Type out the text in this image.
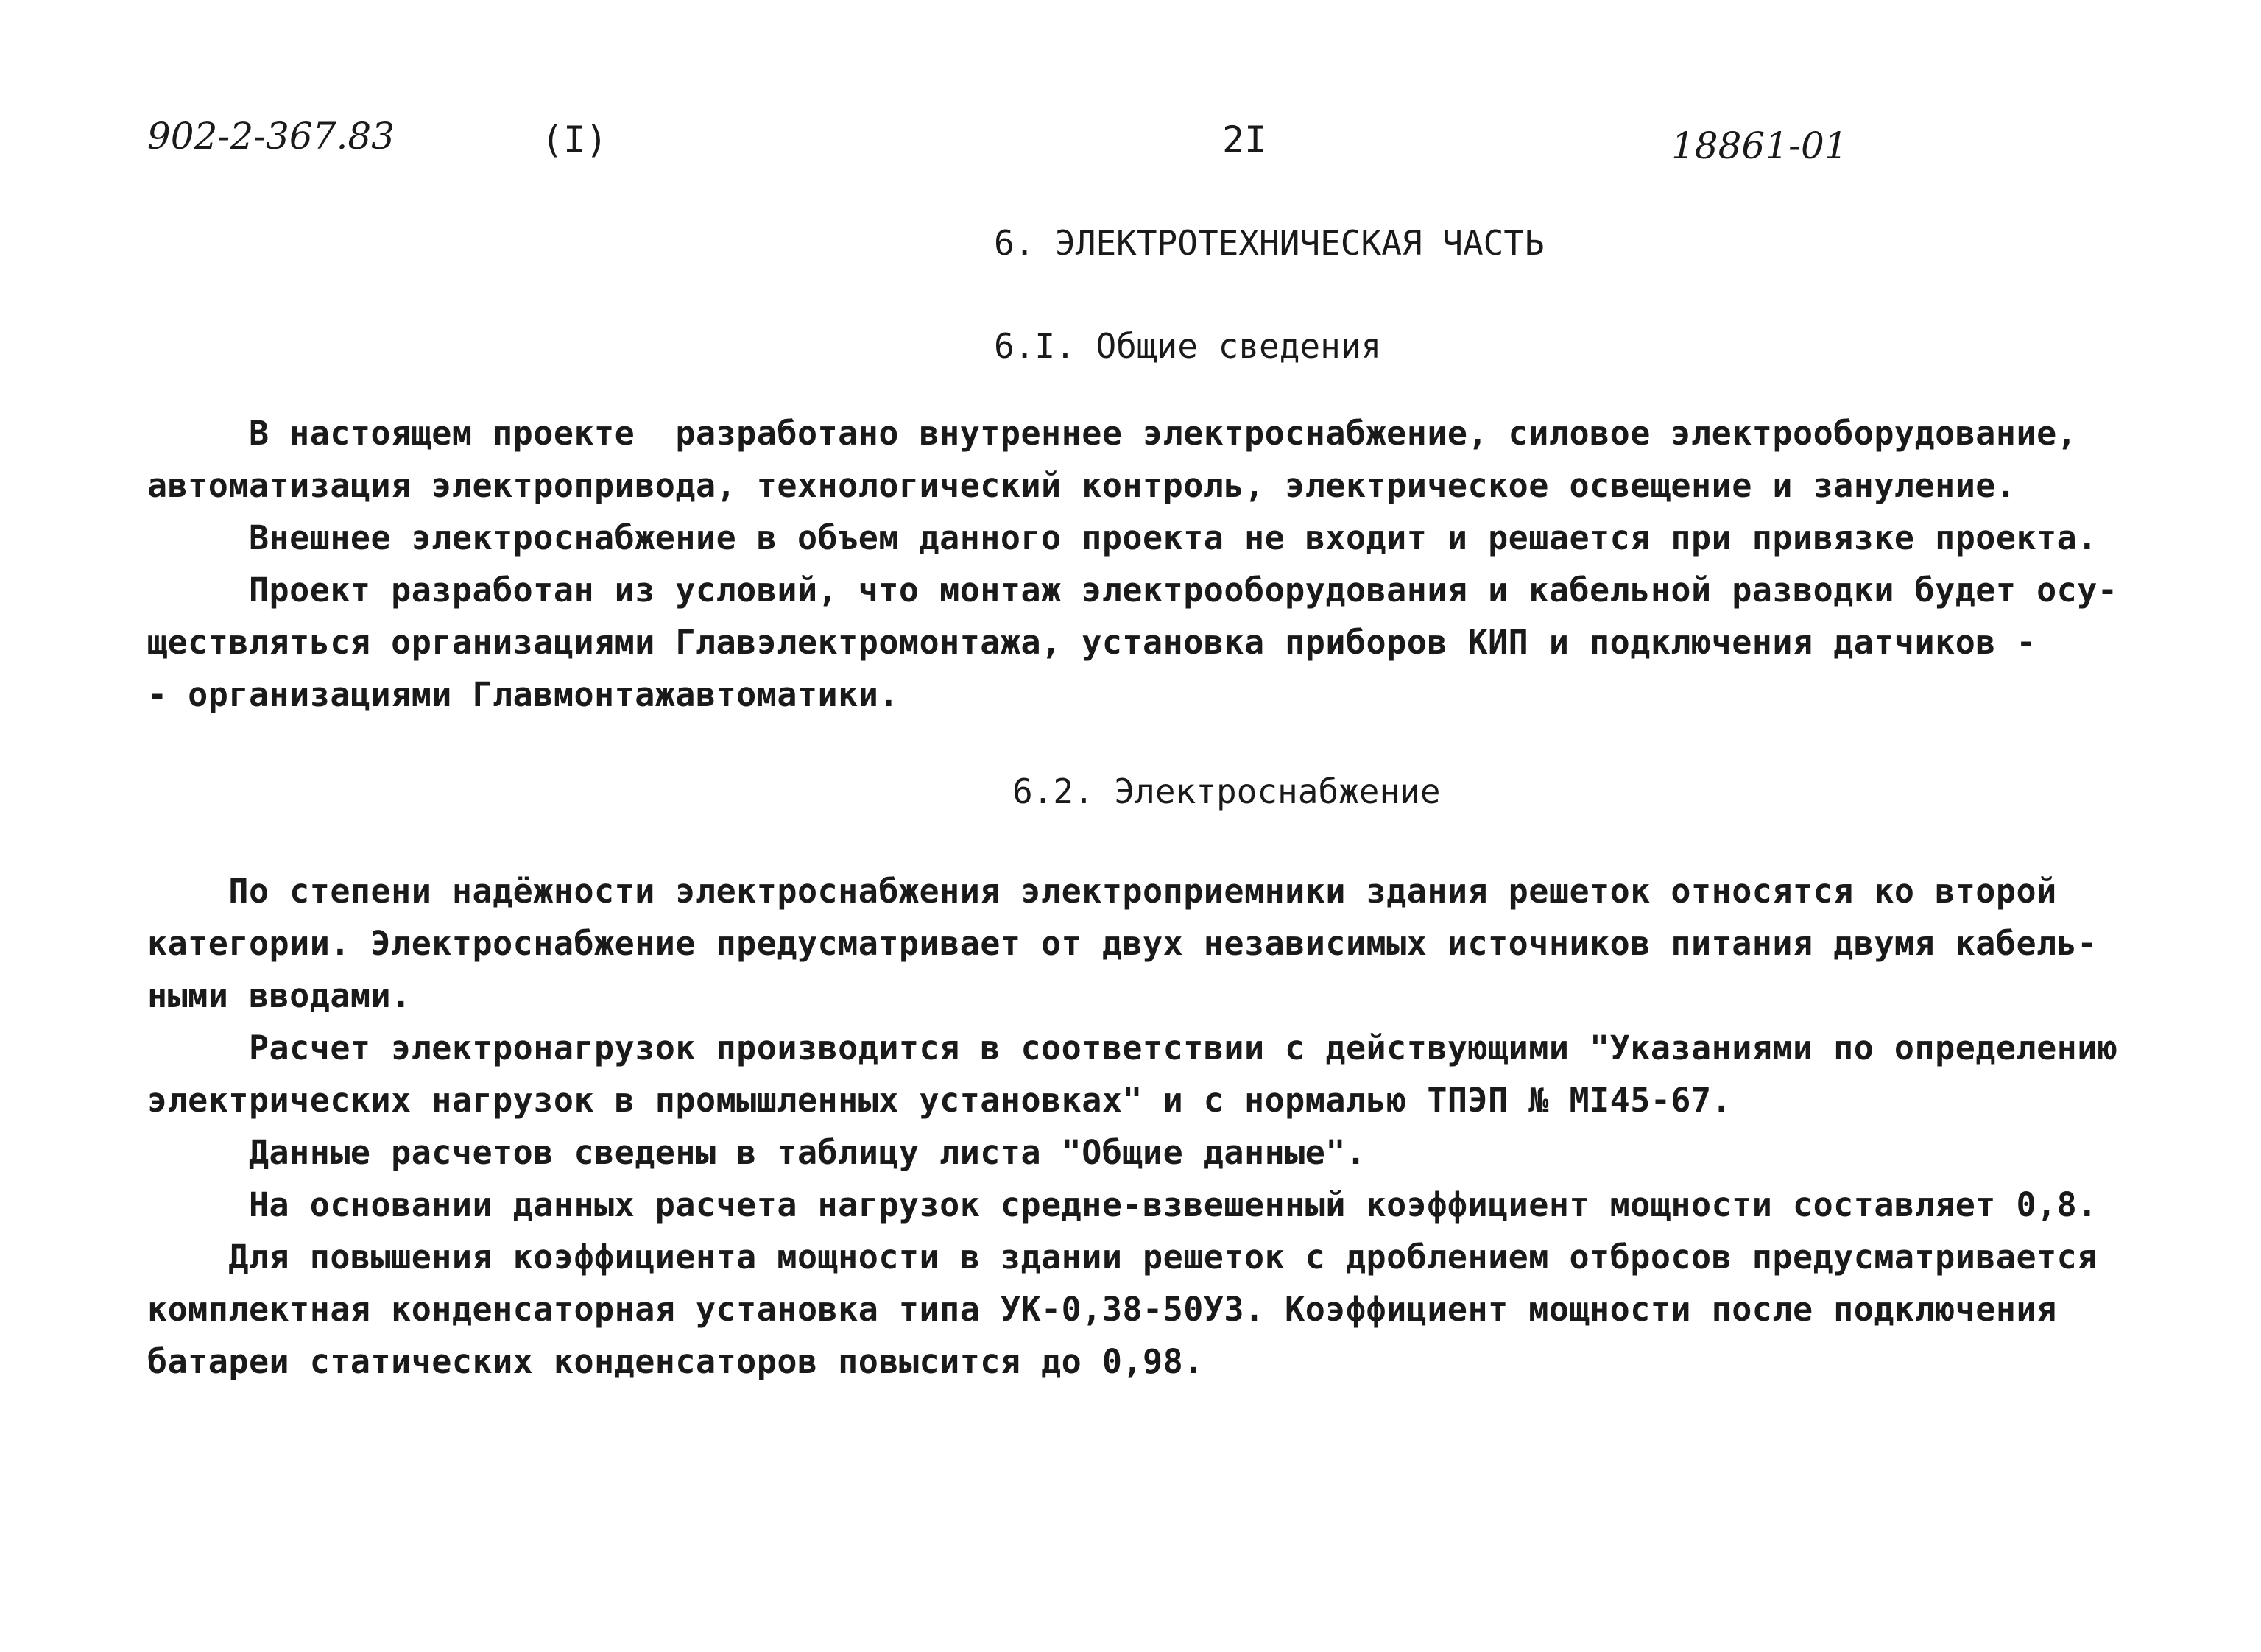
902-2-367.83	(I)	2I	18861-01
6. ЭЛЕКТРОТЕХНИЧЕСКАЯ ЧАСТЬ
6.I. Общие сведения
В настоящем проекте  разработано внутреннее электроснабжение, силовое электрооборудование,
автоматизация электропривода, технологический контроль, электрическое освещение и зануление.
Внешнее электроснабжение в объем данного проекта не входит и решается при привязке проекта.
Проект разработан из условий, что монтаж электрооборудования и кабельной разводки будет осу-
ществляться организациями Главэлектромонтажа, установка приборов КИП и подключения датчиков -
- организациями Главмонтажавтоматики.
6.2. Электроснабжение
По степени надёжности электроснабжения электроприемники здания решеток относятся ко второй
категории. Электроснабжение предусматривает от двух независимых источников питания двумя кабель-
ными вводами.
Расчет электронагрузок производится в соответствии с действующими "Указаниями по определению
электрических нагрузок в промышленных установках" и с нормалью ТПЭП № МI45-67.
Данные расчетов сведены в таблицу листа "Общие данные".
На основании данных расчета нагрузок средне-взвешенный коэффициент мощности составляет 0,8.
Для повышения коэффициента мощности в здании решеток с дроблением отбросов предусматривается
комплектная конденсаторная установка типа УК-0,38-50УЗ. Коэффициент мощности после подключения
батареи статических конденсаторов повысится до 0,98.
